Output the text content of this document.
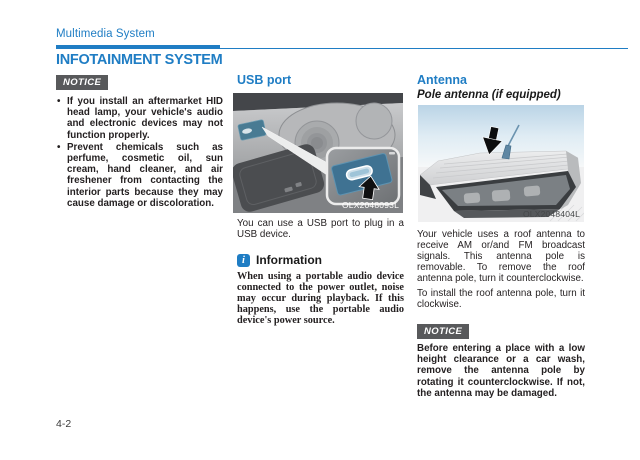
Multimedia System
INFOTAINMENT SYSTEM
NOTICE
• If you install an aftermarket HID head lamp, your vehicle's audio and electronic devices may not function properly.
• Prevent chemicals such as perfume, cosmetic oil, sun cream, hand cleaner, and air freshener from contacting the interior parts because they may cause damage or discoloration.
USB port
OLX2048093L

You can use a USB port to plug in a USB device.

i Information

When using a portable audio device connected to the power outlet, noise may occur during playback. If this happens, use the portable audio device's power source.

Antenna
Pole antenna (if equipped)
OLX2048404L

Your vehicle uses a roof antenna to receive AM or/and FM broadcast signals. This antenna pole is removable. To remove the roof antenna pole, turn it counterclockwise.

To install the roof antenna pole, turn it clockwise.

NOTICE

Before entering a place with a low height clearance or a car wash, remove the antenna pole by rotating it counterclockwise. If not, the antenna may be damaged.

4-2
